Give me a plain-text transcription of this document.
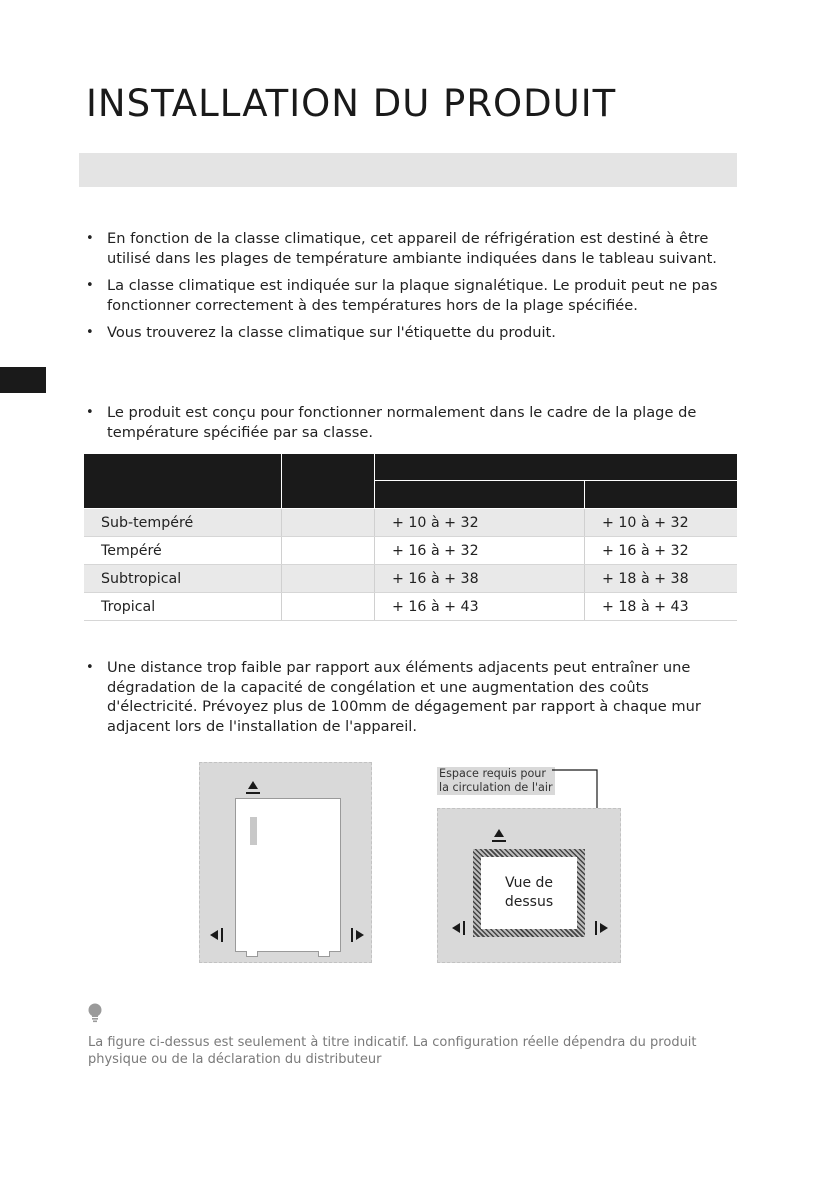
INSTALLATION DU PRODUIT
• En fonction de la classe climatique, cet appareil de réfrigération est destiné à être utilisé dans les plages de température ambiante indiquées dans le tableau suivant.
• La classe climatique est indiquée sur la plaque signalétique. Le produit peut ne pas fonctionner correctement à des températures hors de la plage spécifiée.
• Vous trouverez la classe climatique sur l'étiquette du produit.
• Le produit est conçu pour fonctionner normalement dans le cadre de la plage de température spécifiée par sa classe.

Sub-tempéré		+ 10 à + 32	+ 10 à + 32
Tempéré		+ 16 à + 32	+ 16 à + 32
Subtropical		+ 16 à + 38	+ 18 à + 38
Tropical		+ 16 à + 43	+ 18 à + 43
• Une distance trop faible par rapport aux éléments adjacents peut entraîner une dégradation de la capacité de congélation et une augmentation des coûts d'électricité. Prévoyez plus de 100mm de dégagement par rapport à chaque mur adjacent lors de l'installation de l'appareil.
Espace requis pour
la circulation de l'air
Vue de
dessus
La figure ci-dessus est seulement à titre indicatif. La configuration réelle dépendra du produit physique ou de la déclaration du distributeur
